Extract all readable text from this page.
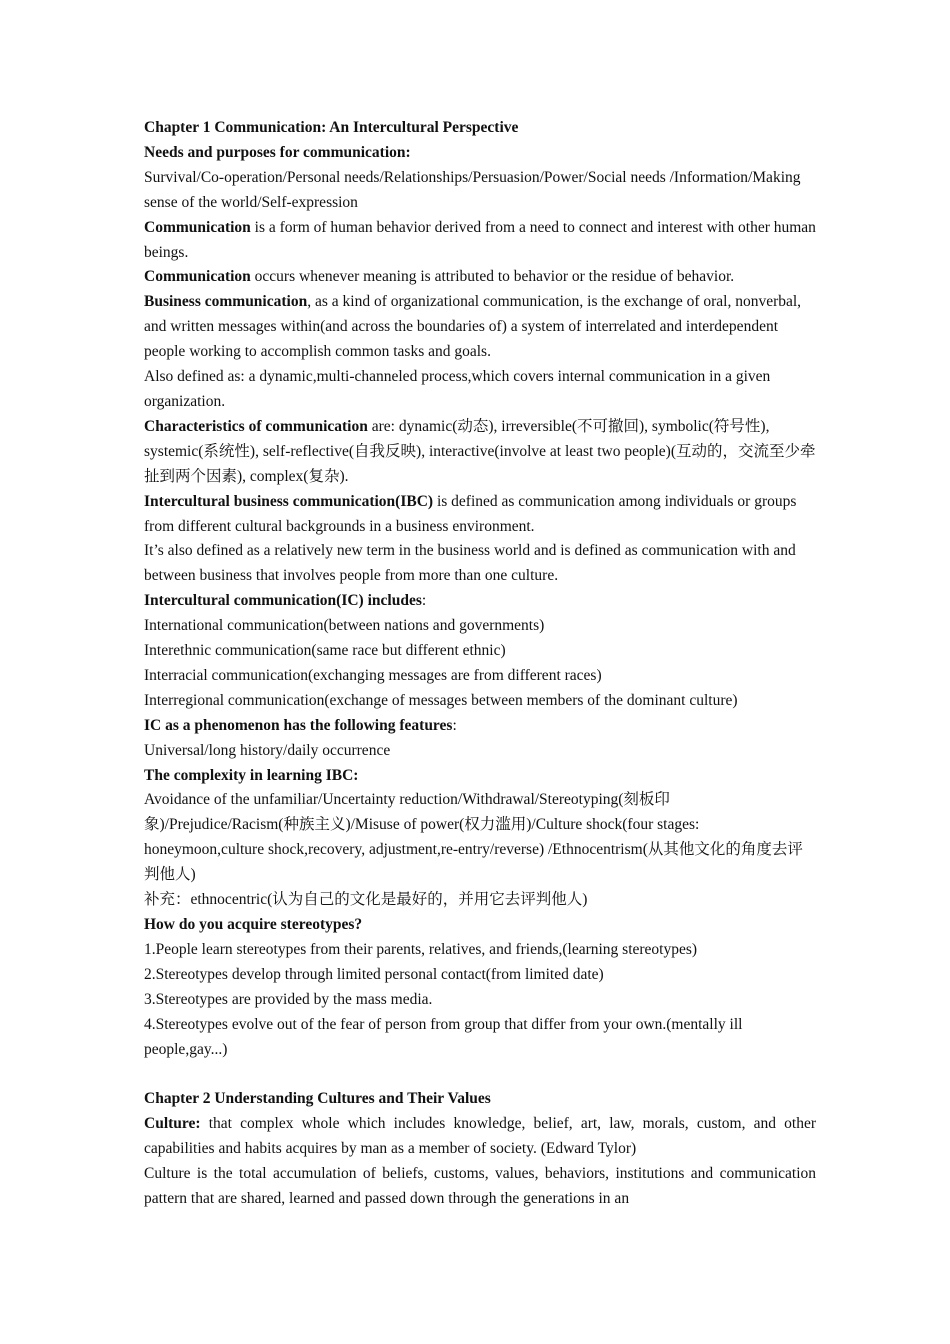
Chapter 1 Communication: An Intercultural Perspective

Needs and purposes for communication:

Survival/Co-operation/Personal needs/Relationships/Persuasion/Power/Social needs /Information/Making sense of the world/Self-expression

Communication is a form of human behavior derived from a need to connect and interest with other human beings.

Communication occurs whenever meaning is attributed to behavior or the residue of behavior.

Business communication, as a kind of organizational communication, is the exchange of oral, nonverbal, and written messages within(and across the boundaries of) a system of interrelated and interdependent people working to accomplish common tasks and goals.

Also defined as: a dynamic,multi-channeled process,which covers internal communication in a given organization.

Characteristics of communication are: dynamic(动态), irreversible(不可撤回), symbolic(符号性), systemic(系统性), self-reflective(自我反映), interactive(involve at least two people)(互动的，交流至少牵扯到两个因素), complex(复杂).

Intercultural business communication(IBC) is defined as communication among individuals or groups from different cultural backgrounds in a business environment.

It’s also defined as a relatively new term in the business world and is defined as communication with and between business that involves people from more than one culture.

Intercultural communication(IC) includes:

International communication(between nations and governments)

Interethnic communication(same race but different ethnic)

Interracial communication(exchanging messages are from different races)

Interregional communication(exchange of messages between members of the dominant culture)

IC as a phenomenon has the following features:

Universal/long history/daily occurrence

The complexity in learning IBC:

Avoidance of the unfamiliar/Uncertainty reduction/Withdrawal/Stereotyping(刻板印象)/Prejudice/Racism(种族主义)/Misuse of power(权力滥用)/Culture shock(four stages: honeymoon,culture shock,recovery, adjustment,re-entry/reverse) /Ethnocentrism(从其他文化的角度去评判他人)

补充：ethnocentric(认为自己的文化是最好的，并用它去评判他人)

How do you acquire stereotypes?

1.People learn stereotypes from their parents, relatives, and friends,(learning stereotypes)

2.Stereotypes develop through limited personal contact(from limited date)

3.Stereotypes are provided by the mass media.

4.Stereotypes evolve out of the fear of person from group that differ from your own.(mentally ill people,gay...)

Chapter 2 Understanding Cultures and Their Values

Culture: that complex whole which includes knowledge, belief, art, law, morals, custom, and other capabilities and habits acquires by man as a member of society. (Edward Tylor)

Culture is the total accumulation of beliefs, customs, values, behaviors, institutions and communication pattern that are shared, learned and passed down through the generations in an
